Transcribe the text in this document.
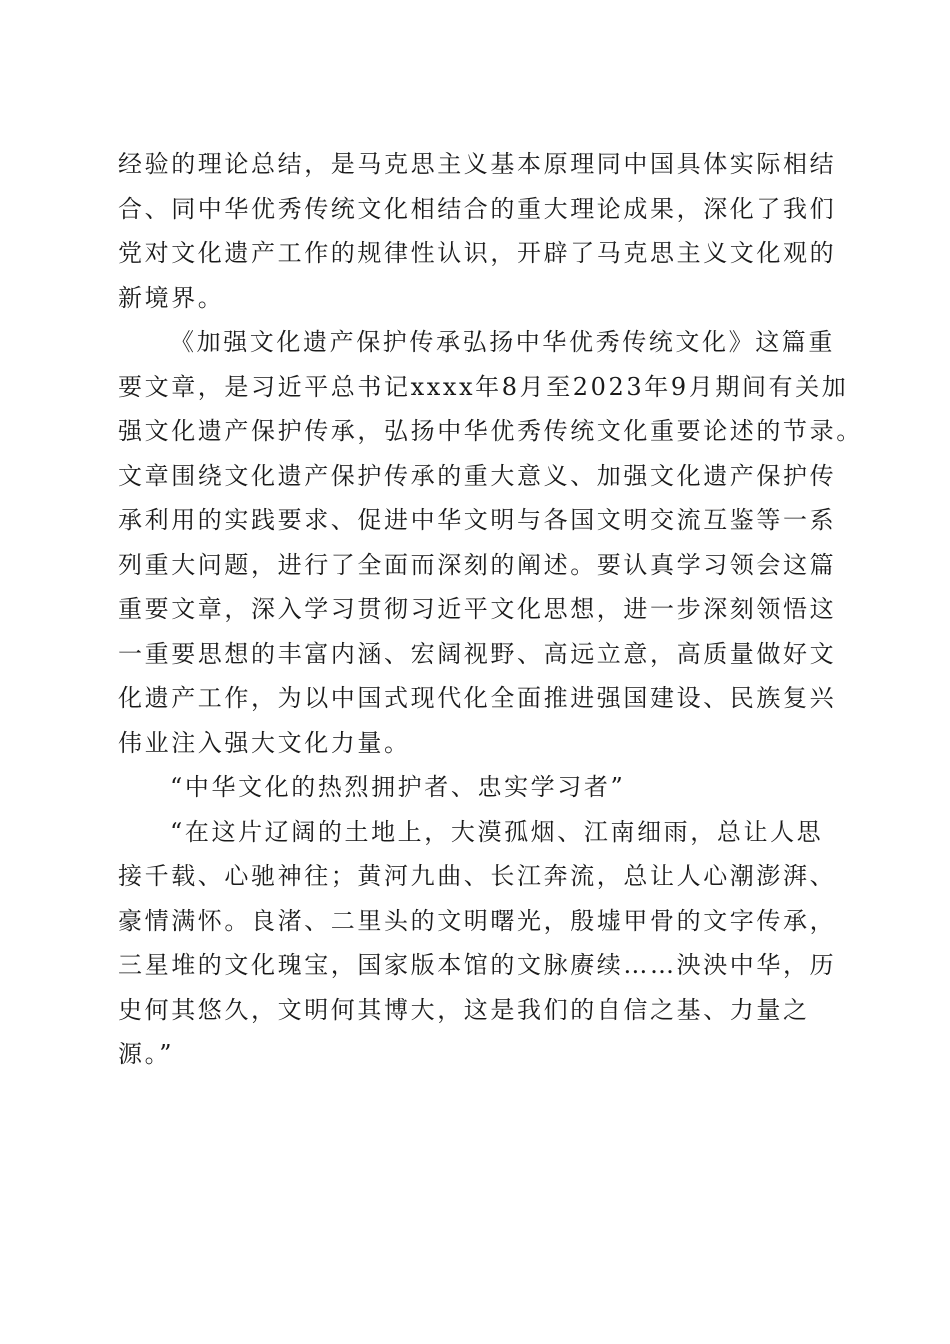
经验的理论总结，是马克思主义基本原理同中国具体实际相结
合、同中华优秀传统文化相结合的重大理论成果，深化了我们
党对文化遗产工作的规律性认识，开辟了马克思主义文化观的
新境界。
《加强文化遗产保护传承弘扬中华优秀传统文化》这篇重
要文章，是习近平总书记xxxx年8月至2023年9月期间有关加
强文化遗产保护传承，弘扬中华优秀传统文化重要论述的节录。
文章围绕文化遗产保护传承的重大意义、加强文化遗产保护传
承利用的实践要求、促进中华文明与各国文明交流互鉴等一系
列重大问题，进行了全面而深刻的阐述。要认真学习领会这篇
重要文章，深入学习贯彻习近平文化思想，进一步深刻领悟这
一重要思想的丰富内涵、宏阔视野、高远立意，高质量做好文
化遗产工作，为以中国式现代化全面推进强国建设、民族复兴
伟业注入强大文化力量。
“中华文化的热烈拥护者、忠实学习者”
“在这片辽阔的土地上，大漠孤烟、江南细雨，总让人思
接千载、心驰神往；黄河九曲、长江奔流，总让人心潮澎湃、
豪情满怀。良渚、二里头的文明曙光，殷墟甲骨的文字传承，
三星堆的文化瑰宝，国家版本馆的文脉赓续……泱泱中华，历
史何其悠久，文明何其博大，这是我们的自信之基、力量之
源。”
